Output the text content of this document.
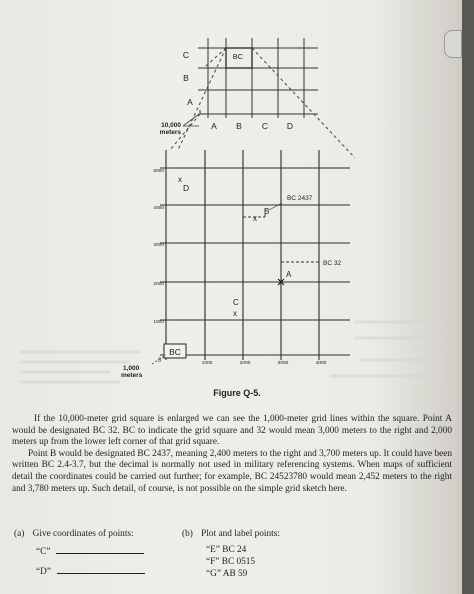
BC
C
B
A
A B C D
10,000
meters
5000
4000
3000
2000
1000
1000	2000	3000	4000
BC
0
1,000
meters
x
D
x
B
BC 2437
A
BC 32
C
x
Figure Q-5.

If the 10,000-meter grid square is enlarged we can see the 1,000-meter grid lines within the square. Point A would be designated BC 32. BC to indicate the grid square and 32 would mean 3,000 meters to the right and 2,000 meters up from the lower left corner of that grid square.

Point B would be designated BC 2437, meaning 2,400 meters to the right and 3,700 meters up. It could have been written BC 2.4-3.7, but the decimal is normally not used in military referencing systems. When maps of sufficient detail the coordinates could be carried out further; for example, BC 24523780 would mean 2,452 meters to the right and 3,780 meters up. Such detail, of course, is not possible on the simple grid sketch here.

(a) Give coordinates of points:
“C”
“D”
(b) Plot and label points:
“E” BC 24
“F” BC 0515
“G” AB 59
